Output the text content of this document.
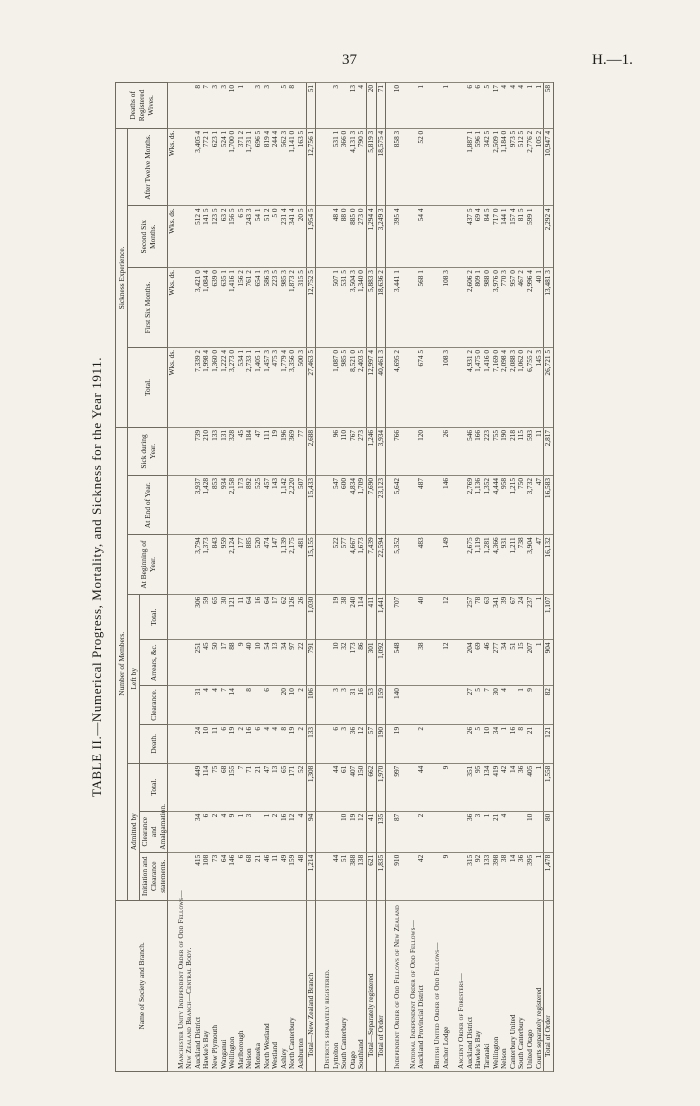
37	H.—1.
TABLE II.—Numerical Progress, Mortality, and Sickness for the Year 1911.
Name of Society and Branch.	Number of Members.										Sickness Experience.				Deaths of Registered Wives.
	Admitted by			Left by				At Beginning of Year.	At End of Year.	Sick during Year.	Total.	First Six Months.	Second Six Months.	After Twelve Months.	
	Initiation and Clearance statements.	Clearance and Amalgamation.	Total.	Death.	Clearance.	Arrears, &c.	Total.								
											Wks. ds.	Wks. ds.	Wks. ds.	Wks. ds.	
Manchester Unity Independent Order of Odd Fellows—															
New Zealand Branch—Central Body.															
Auckland District	415	34	449	24	31	251	306	3,794	3,937	739	7,339 2	3,421 0	512 4	3,405 4	8
Hawke's Bay	108	6	114	10	4	45	59	1,373	1,428	210	1,998 4	1,084 4	141 5	772 1	7
New Plymouth	73	2	75	11	4	50	65	843	853	133	1,360 0	639 0	123 5	623 1	3
Wanganui	64	4	68	6	7	17	30	959	934	131	1,222 4	635 1	63 2	524 1	3
Wellington	146	9	155	19	14	88	121	2,124	2,158	328	3,273 0	1,416 1	156 5	1,700 0	10
Marlborough	6	1	7	2		9	11	177	173	45	534 1	156 2	6 5	371 2	1
Nelson	68	3	71	16	8	40	64	885	892	184	2,733 1	761 2	243 3	1,731 1	
Motueka	21		21	6		10	16	520	525	47	1,405 1	654 1	54 1	696 5	3
North Westland	46	1	47	4	6	54	64	474	457	111	1,457 3	586 3	51 2	819 4	3
Westland	11	2	13	4		13	17	147	143	19	475 3	223 5	5 0	244 4	
Ashley	49	16	65	8	20	34	62	1,139	1,142	196	1,779 4	985 3	231 4	562 3	5
North Canterbury	159	12	171	19	10	97	126	2,175	2,220	369	3,356 0	1,873 2	341 4	1,141 0	8
Ashburton	48	4	52	2	2	22	26	481	507	77	500 3	315 5	20 5	163 5	
Total—New Zealand Branch	1,214	94	1,308	133	106	791	1,030	15,155	15,433	2,688	27,463 5	12,752 5	1,954 5	12,756 1	51

Districts separately registered.															
Lyttelton	44		44	6	3	10	19	522	547	96	1,087 0	507 1	48 4	531 1	3
South Canterbury	51	10	61	3	3	32	38	577	600	110	985 5	531 5	88 0	366 0	
Otago	388	19	407	36	31	173	240	4,667	4,834	767	8,521 0	3,504 3	885 0	4,131 3	13
Southland	138	12	150	12	16	86	114	1,673	1,709	273	2,403 5	1,340 0	273 0	790 5	4
Total—Separately registered	621	41	662	57	53	301	411	7,439	7,690	1,246	12,997 4	5,883 3	1,294 4	5,819 3	20
Total of Order	1,835	135	1,970	190	159	1,092	1,441	22,594	23,123	3,934	40,461 3	18,636 2	3,249 3	18,575 4	71

Independent Order of Odd Fellows of New Zealand	910	87	997	19	140	548	707	5,352	5,642	766	4,695 2	3,441 1	395 4	858 3	10

National Independent Order of Odd Fellows—															
Auckland Provincial District	42	2	44	2		38	40	483	487	120	674 5	568 1	54 4	52 0	1

British United Order of Odd Fellows—															
Anchor Lodge	9		9			12	12	149	146	26	108 3	108 3			1

Ancient Order of Foresters—															
Auckland District	315	36	351	26	27	204	257	2,675	2,769	546	4,931 2	2,606 2	437 5	1,887 1	6
Hawke's Bay	92	3	95	5	5	69	78	1,119	1,136	166	1,475 0	809 1	69 4	596 1	6
Taranaki	133	1	134	10	7	46	63	1,281	1,352	223	1,416 0	988 0	84 5	342 5	5
Wellington	398	21	419	34	30	277	341	4,366	4,444	755	7,169 0	3,976 0	717 0	2,509 1	17
Nelson	38	4	42	1	4	34	39	931	958	190	2,098 4	770 3	144 1	1,184 0	4
Canterbury United	14		14	16		51	67	1,211	1,215	218	2,088 3	957 0	157 4	973 5	4
South Canterbury	36		36	8	1	15	24	738	750	115	1,062 0	467 2	81 5	512 5	4
United Otago	395	10	405	21	9	207	237	3,904	3,732	593	6,755 2	2,996 4	599 1	2,776 2	1
Courts separately registered	1		1			1	1	47	47	11	145 3	40 1		105 2	1
Total of Order	1,478	80	1,558	121	82	904	1,107	16,132	16,583	2,817	26,721 5	13,481 3	2,292 4	10,947 4	58
